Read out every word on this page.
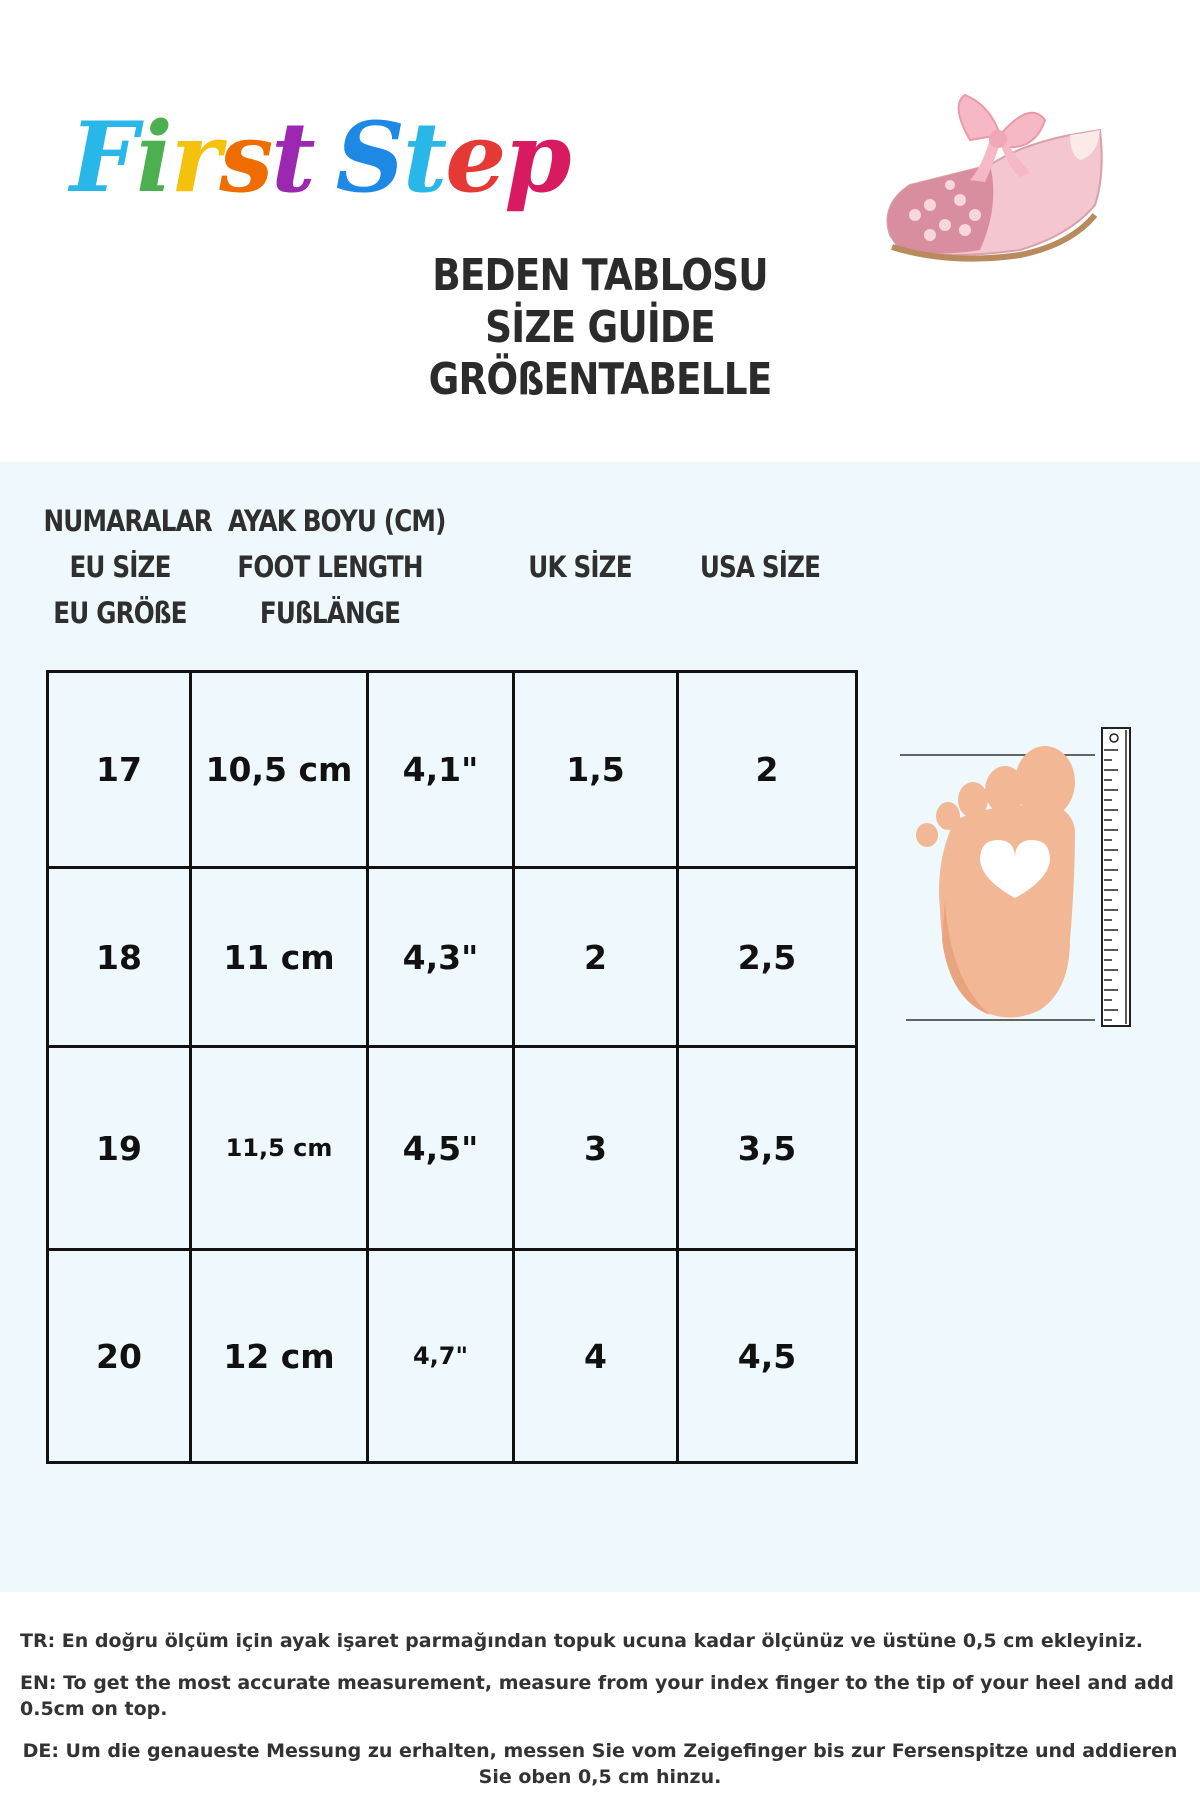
First Step
BEDEN TABLOSU
SİZE GUİDE
GRÖßENTABELLE
NUMARALAR
EU SİZE
EU GRÖßE
AYAK BOYU (CM)
FOOT LENGTH
FUßLÄNGE
UK SİZE	USA SİZE
17	10,5 cm	4,1"	1,5	2
18	11 cm	4,3"	2	2,5
19	11,5 cm	4,5"	3	3,5
20	12 cm	4,7"	4	4,5

TR: En doğru ölçüm için ayak işaret parmağından topuk ucuna kadar ölçünüz ve üstüne 0,5 cm ekleyiniz.

EN: To get the most accurate measurement, measure from your index finger to the tip of your heel and add 0.5cm on top.

DE: Um die genaueste Messung zu erhalten, messen Sie vom Zeigefinger bis zur Fersenspitze und addieren Sie oben 0,5 cm hinzu.
